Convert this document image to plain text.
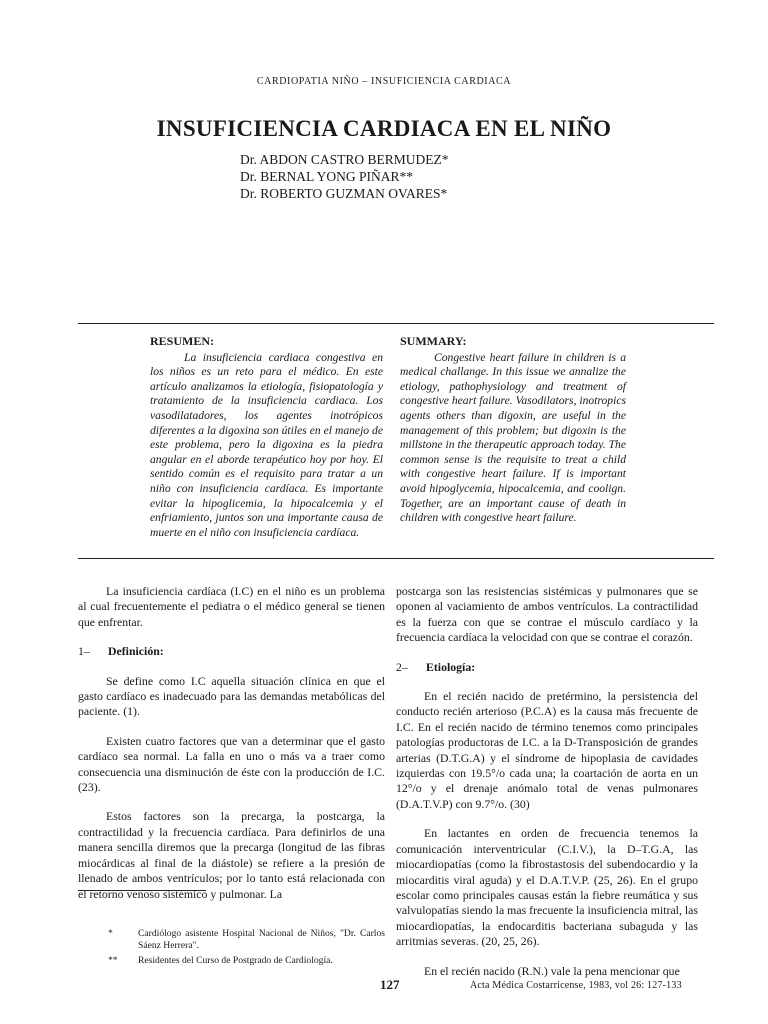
CARDIOPATIA NIÑO – INSUFICIENCIA CARDIACA
INSUFICIENCIA CARDIACA EN EL NIÑO
Dr. ABDON CASTRO BERMUDEZ*
Dr. BERNAL YONG PIÑAR**
Dr. ROBERTO GUZMAN OVARES*
RESUMEN:
La insuficiencia cardiaca congestiva en los niños es un reto para el médico. En este artículo analizamos la etiología, fisiopatología y tratamiento de la insuficiencia cardiaca. Los vasodilatadores, los agentes inotrópicos diferentes a la digoxina son útiles en el manejo de este problema, pero la digoxina es la piedra angular en el aborde terapéutico hoy por hoy. El sentido común es el requisito para tratar a un niño con insuficiencia cardíaca. Es importante evitar la hipoglicemia, la hipocalcemia y el enfriamiento, juntos son una importante causa de muerte en el niño con insuficiencia cardíaca.
SUMMARY:
Congestive heart failure in children is a medical challange. In this issue we annalize the etiology, pathophysiology and treatment of congestive heart failure. Vasodilators, inotropics agents others than digoxin, are useful in the management of this problem; but digoxin is the millstone in the therapeutic approach today. The common sense is the requisite to treat a child with congestive heart failure. If is important avoid hipoglycemia, hipocalcemia, and coolign. Together, are an important cause of death in children with congestive heart failure.

La insuficiencia cardíaca (I.C) en el niño es un problema al cual frecuentemente el pediatra o el médico general se tienen que enfrentar.

1– Definición:

Se define como I.C aquella situación clínica en que el gasto cardíaco es inadecuado para las demandas metabólicas del paciente. (1).

Existen cuatro factores que van a determinar que el gasto cardíaco sea normal. La falla en uno o más va a traer como consecuencia una disminución de éste con la producción de I.C. (23).

Estos factores son la precarga, la postcarga, la contractilidad y la frecuencia cardíaca. Para definirlos de una manera sencilla diremos que la precarga (longitud de las fibras miocárdicas al final de la diástole) se refiere a la presión de llenado de ambos ventrículos; por lo tanto está relacionada con el retorno venoso sistémico y pulmonar. La

postcarga son las resistencias sistémicas y pulmonares que se oponen al vaciamiento de ambos ventrículos. La contractilidad es la fuerza con que se contrae el músculo cardíaco y la frecuencia cardíaca la velocidad con que se contrae el corazón.

2– Etiología:

En el recién nacido de pretérmino, la persistencia del conducto recién arterioso (P.C.A) es la causa más frecuente de I.C. En el recién nacido de término tenemos como principales patologías productoras de I.C. a la D-Transposición de grandes arterias (D.T.G.A) y el síndrome de hipoplasia de cavidades izquierdas con 19.5°/o cada una; la coartación de aorta en un 12°/o y el drenaje anómalo total de venas pulmonares (D.A.T.V.P) con 9.7°/o. (30)

En lactantes en orden de frecuencia tenemos la comunicación interventricular (C.I.V.), la D–T.G.A, las miocardiopatías (como la fibrostastosis del subendocardio y la miocarditis viral aguda) y el D.A.T.V.P. (25, 26). En el grupo escolar como principales causas están la fiebre reumática y sus valvulopatías siendo la mas frecuente la insuficiencia mitral, las miocardiopatías, la endocarditis bacteriana subaguda y las arritmias severas. (20, 25, 26).

En el recién nacido (R.N.) vale la pena mencionar que

*	Cardiólogo asistente Hospital Nacional de Niños, "Dr. Carlos Sáenz Herrera".
**	Residentes del Curso de Postgrado de Cardiología.
127	Acta Médica Costarricense, 1983, vol 26: 127-133
